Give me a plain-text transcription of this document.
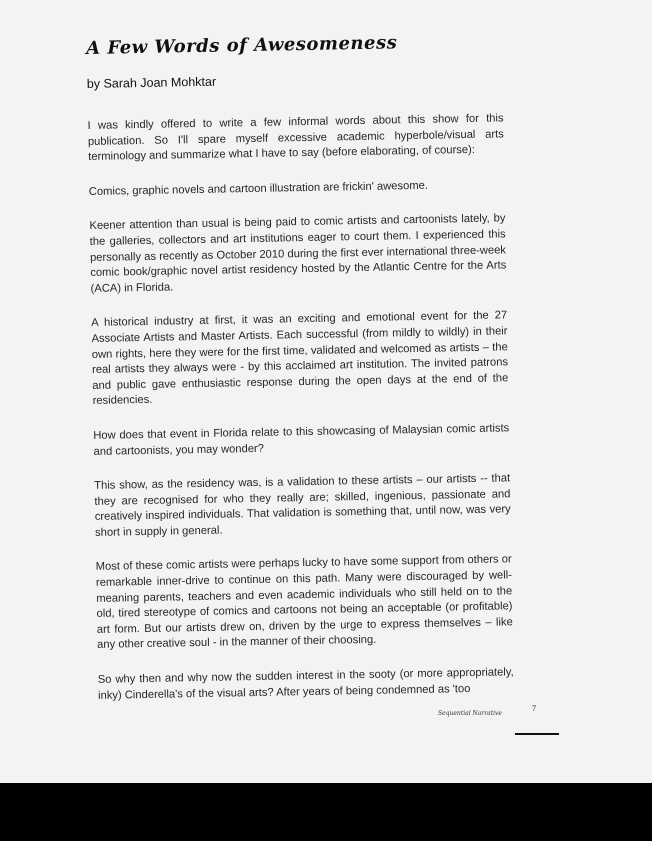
A Few Words of Awesomeness

by Sarah Joan Mohktar

I was kindly offered to write a few informal words about this show for this publication. So I'll spare myself excessive academic hyperbole/visual arts terminology and summarize what I have to say (before elaborating, of course):

Comics, graphic novels and cartoon illustration are frickin' awesome.

Keener attention than usual is being paid to comic artists and cartoonists lately, by the galleries, collectors and art institutions eager to court them. I experienced this personally as recently as October 2010 during the first ever international three-week comic book/graphic novel artist residency hosted by the Atlantic Centre for the Arts (ACA) in Florida.

A historical industry at first, it was an exciting and emotional event for the 27 Associate Artists and Master Artists. Each successful (from mildly to wildly) in their own rights, here they were for the first time, validated and welcomed as artists – the real artists they always were - by this acclaimed art institution. The invited patrons and public gave enthusiastic response during the open days at the end of the residencies.

How does that event in Florida relate to this showcasing of Malaysian comic artists and cartoonists, you may wonder?

This show, as the residency was, is a validation to these artists – our artists -- that they are recognised for who they really are; skilled, ingenious, passionate and creatively inspired individuals. That validation is something that, until now, was very short in supply in general.

Most of these comic artists were perhaps lucky to have some support from others or remarkable inner-drive to continue on this path. Many were discouraged by well-meaning parents, teachers and even academic individuals who still held on to the old, tired stereotype of comics and cartoons not being an acceptable (or profitable) art form. But our artists drew on, driven by the urge to express themselves – like any other creative soul - in the manner of their choosing.

So why then and why now the sudden interest in the sooty (or more appropriately, inky) Cinderella's of the visual arts? After years of being condemned as 'too

Sequential Narrative
7
